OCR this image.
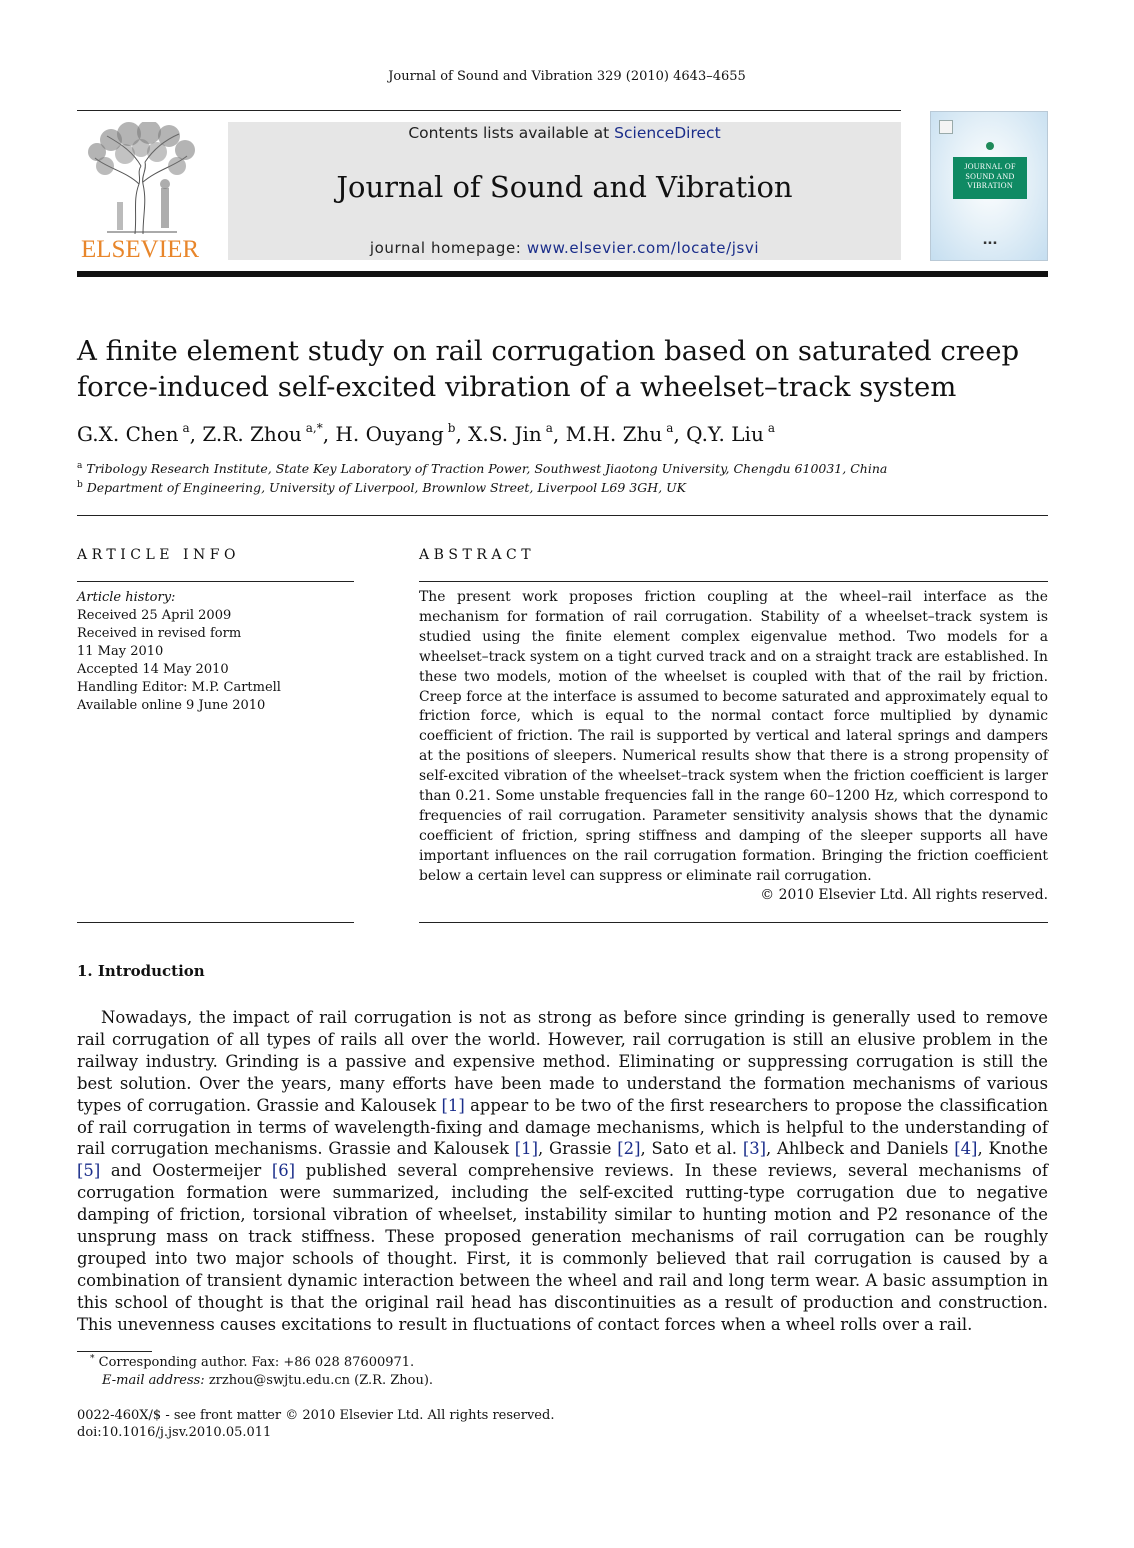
Journal of Sound and Vibration 329 (2010) 4643–4655
ELSEVIER
Contents lists available at ScienceDirect
Journal of Sound and Vibration
journal homepage: www.elsevier.com/locate/jsvi
JOURNAL OF SOUND AND VIBRATION
▪ ▪ ▪
A finite element study on rail corrugation based on saturated creep
force-induced self-excited vibration of a wheelset–track system
G.X. Chen  $^a$, Z.R. Zhou  $^{a,*}$, H. Ouyang  $^b$, X.S. Jin  $^a$, M.H. Zhu  $^a$, Q.Y. Liu  $^a$
$^a$ Tribology Research Institute, State Key Laboratory of Traction Power, Southwest Jiaotong University, Chengdu 610031, China
$^b$ Department of Engineering, University of Liverpool, Brownlow Street, Liverpool L69 3GH, UK
ARTICLE INFO
Article history:
Received 25 April 2009
Received in revised form
11 May 2010
Accepted 14 May 2010
Handling Editor: M.P. Cartmell
Available online 9 June 2010
ABSTRACT

The present work proposes friction coupling at the wheel–rail interface as the mechanism for formation of rail corrugation. Stability of a wheelset–track system is studied using the finite element complex eigenvalue method. Two models for a wheelset–track system on a tight curved track and on a straight track are established. In these two models, motion of the wheelset is coupled with that of the rail by friction. Creep force at the interface is assumed to become saturated and approximately equal to friction force, which is equal to the normal contact force multiplied by dynamic coefficient of friction. The rail is supported by vertical and lateral springs and dampers at the positions of sleepers. Numerical results show that there is a strong propensity of self-excited vibration of the wheelset–track system when the friction coefficient is larger than 0.21. Some unstable frequencies fall in the range 60–1200 Hz, which correspond to frequencies of rail corrugation. Parameter sensitivity analysis shows that the dynamic coefficient of friction, spring stiffness and damping of the sleeper supports all have important influences on the rail corrugation formation. Bringing the friction coefficient below a certain level can suppress or eliminate rail corrugation.

© 2010 Elsevier Ltd. All rights reserved.
1. Introduction

Nowadays, the impact of rail corrugation is not as strong as before since grinding is generally used to remove rail corrugation of all types of rails all over the world. However, rail corrugation is still an elusive problem in the railway industry. Grinding is a passive and expensive method. Eliminating or suppressing corrugation is still the best solution. Over the years, many efforts have been made to understand the formation mechanisms of various types of corrugation. Grassie and Kalousek [1] appear to be two of the first researchers to propose the classification of rail corrugation in terms of wavelength-fixing and damage mechanisms, which is helpful to the understanding of rail corrugation mechanisms. Grassie and Kalousek [1], Grassie [2], Sato et al. [3], Ahlbeck and Daniels [4], Knothe [5] and Oostermeijer [6] published several comprehensive reviews. In these reviews, several mechanisms of corrugation formation were summarized, including the self-excited rutting-type corrugation due to negative damping of friction, torsional vibration of wheelset, instability similar to hunting motion and P2 resonance of the unsprung mass on track stiffness. These proposed generation mechanisms of rail corrugation can be roughly grouped into two major schools of thought. First, it is commonly believed that rail corrugation is caused by a combination of transient dynamic interaction between the wheel and rail and long term wear. A basic assumption in this school of thought is that the original rail head has discontinuities as a result of production and construction. This unevenness causes excitations to result in fluctuations of contact forces when a wheel rolls over a rail.

* Corresponding author. Fax: +86 028 87600971.
E-mail address: zrzhou@swjtu.edu.cn (Z.R. Zhou).
0022-460X/$ - see front matter © 2010 Elsevier Ltd. All rights reserved.
doi:10.1016/j.jsv.2010.05.011
